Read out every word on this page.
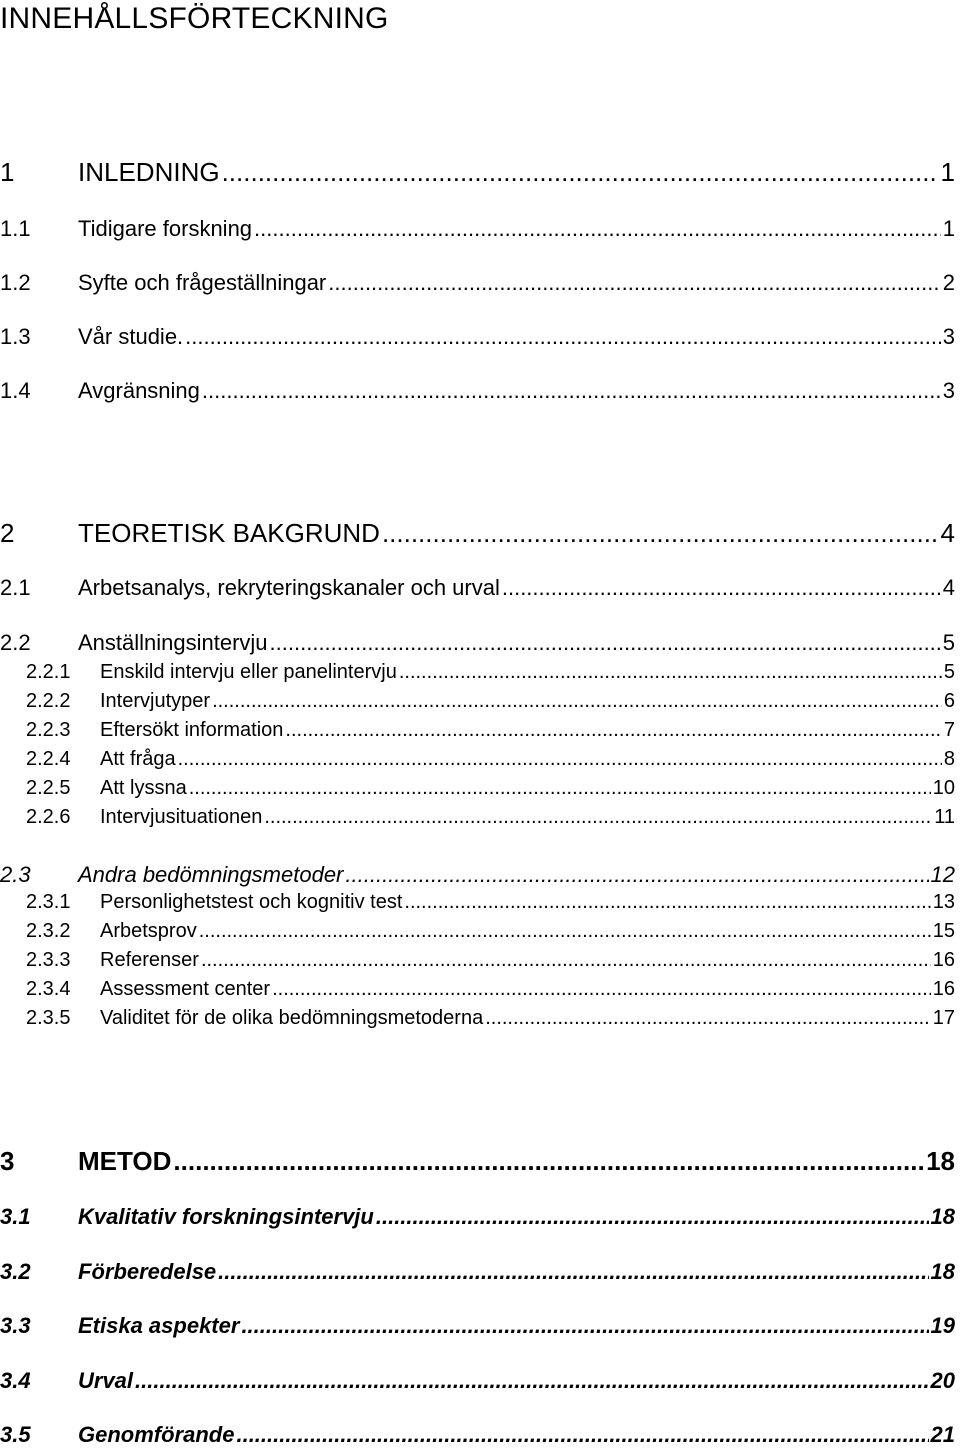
INNEHÅLLSFÖRTECKNING
1	INLEDNING .....	1
1.1	Tidigare forskning .....	1
1.2	Syfte och frågeställningar .....	2
1.3	Vår studie. .....	3
1.4	Avgränsning .....	3
2	TEORETISK BAKGRUND .....	4
2.1	Arbetsanalys, rekryteringskanaler och urval .....	4
2.2	Anställningsintervju .....	5
2.2.1	Enskild intervju eller panelintervju .....	5
2.2.2	Intervjutyper .....	6
2.2.3	Eftersökt information .....	7
2.2.4	Att fråga .....	8
2.2.5	Att lyssna .....	10
2.2.6	Intervjusituationen .....	11
2.3	Andra bedömningsmetoder .....	12
2.3.1	Personlighetstest och kognitiv test .....	13
2.3.2	Arbetsprov .....	15
2.3.3	Referenser .....	16
2.3.4	Assessment center .....	16
2.3.5	Validitet för de olika bedömningsmetoderna .....	17
3	METOD .....	18
3.1	Kvalitativ forskningsintervju .....	18
3.2	Förberedelse .....	18
3.3	Etiska aspekter .....	19
3.4	Urval .....	20
3.5	Genomförande .....	21
